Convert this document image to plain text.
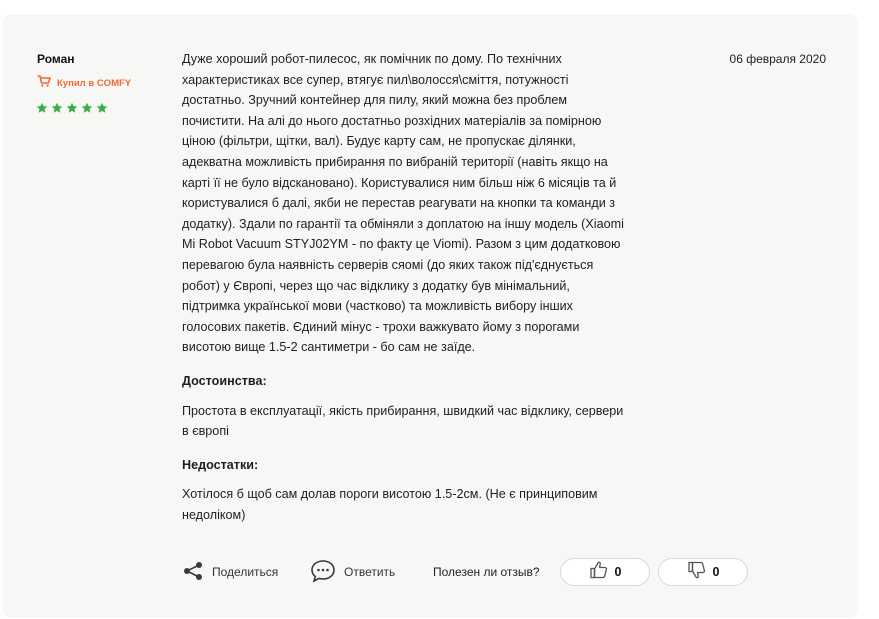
Роман
Купил в COMFY
06 февраля 2020
Дуже хороший робот-пилесос, як помічник по дому. По технічних
характеристиках все супер, втягує пил\волосся\сміття, потужності
достатньо. Зручний контейнер для пилу, який можна без проблем
почистити. На алі до нього достатньо розхідних матеріалів за помірною
ціною (фільтри, щітки, вал). Будує карту сам, не пропускає ділянки,
адекватна можливість прибирання по вибраній території (навіть якщо на
карті її не було відскановано). Користувалися ним більш ніж 6 місяців та й
користувалися б далі, якби не перестав реагувати на кнопки та команди з
додатку). Здали по гарантії та обміняли з доплатою на іншу модель (Xiaomi
Mi Robot Vacuum STYJ02YM - по факту це Viomi). Разом з цим додатковою
перевагою була наявність серверів сяомі (до яких також під'єднується
робот) у Європі, через що час відклику з додатку був мінімальний,
підтримка української мови (частково) та можливість вибору інших
голосових пакетів. Єдиний мінус - трохи важкувато йому з порогами
висотою вище 1.5-2 сантиметри - бо сам не заїде.
Достоинства:
Простота в експлуатації, якість прибирання, швидкий час відклику, сервери
в європі
Недостатки:
Хотілося б щоб сам долав пороги висотою 1.5-2см. (Не є принциповим
недоліком)
Поделиться	Ответить	Полезен ли отзыв?	0	0
